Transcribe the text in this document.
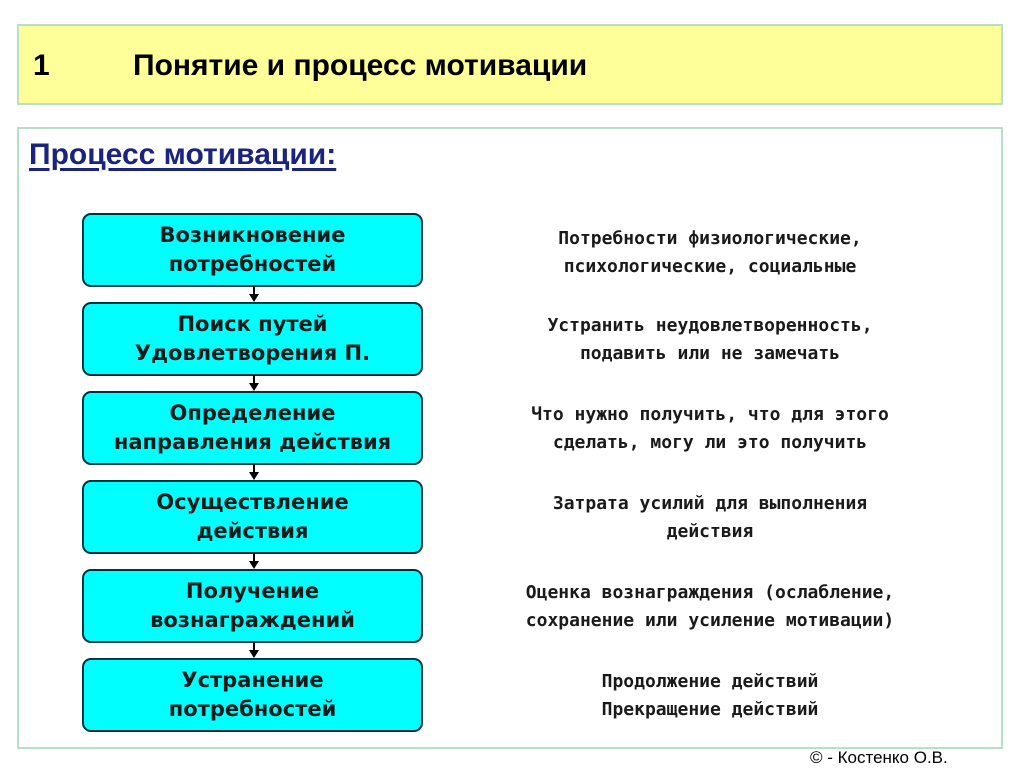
1	Понятие и процесс мотивации
Процесс мотивации:
Возникновение
потребностей
Поиск путей
Удовлетворения П.
Определение
направления действия
Осуществление
действия
Получение
вознаграждений
Устранение
потребностей
Потребности физиологические,
психологические, социальные
Устранить неудовлетворенность,
подавить или не замечать
Что нужно получить, что для этого
сделать, могу ли это получить
Затрата усилий для выполнения
действия
Оценка вознаграждения (ослабление,
сохранение или усиление мотивации)
Продолжение действий
Прекращение действий
© - Костенко О.В.
